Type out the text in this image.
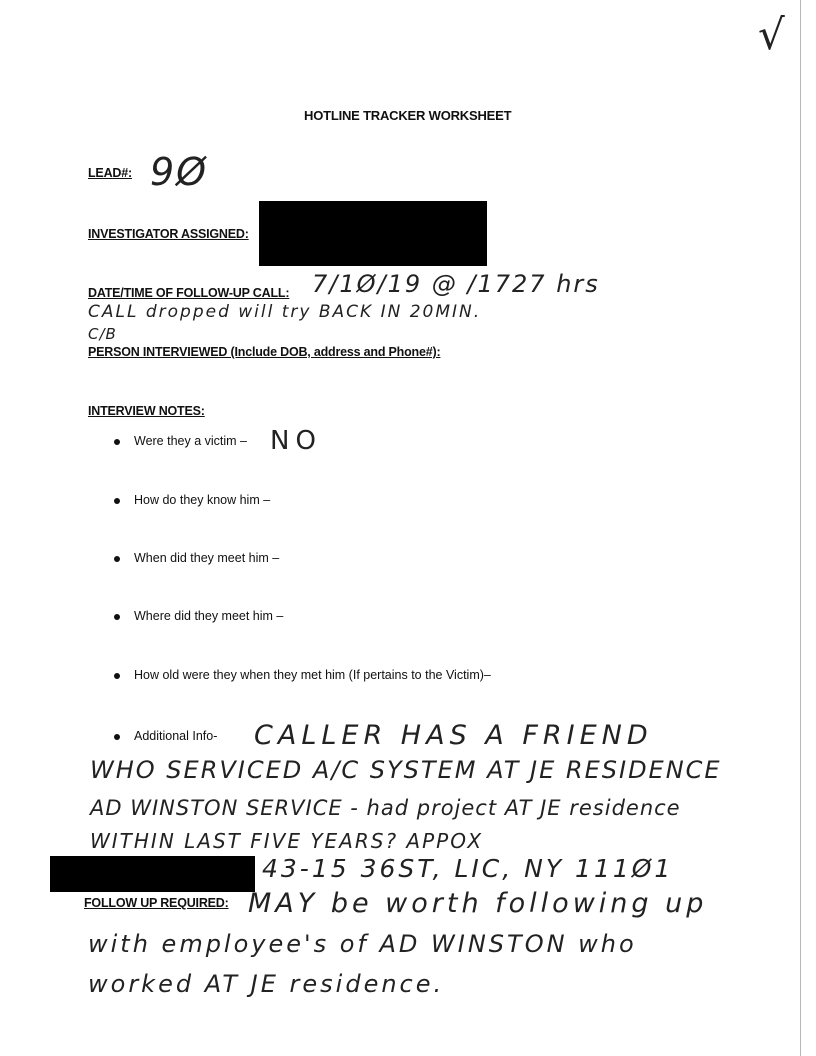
√
HOTLINE TRACKER WORKSHEET
LEAD#: 9Ø
INVESTIGATOR ASSIGNED:
DATE/TIME OF FOLLOW-UP CALL: 7/1Ø/19 @ /1727 hrs
CALL dropped will try BACK IN 20MIN.
C/B
PERSON INTERVIEWED (Include DOB, address and Phone#):
INTERVIEW NOTES:
Were they a victim – NO
How do they know him –
When did they meet him –
Where did they meet him –
How old were they when they met him (If pertains to the Victim)–
Additional Info- CALLER HAS A FRIEND
WHO SERVICED A/C SYSTEM AT JE RESIDENCE
AD WINSTON SERVICE - had project AT JE residence
WITHIN LAST FIVE YEARS? APPOX
43-15 36ST, LIC, NY 111Ø1
FOLLOW UP REQUIRED: MAY be worth following up
with employee's of AD WINSTON who
worked AT JE residence.
